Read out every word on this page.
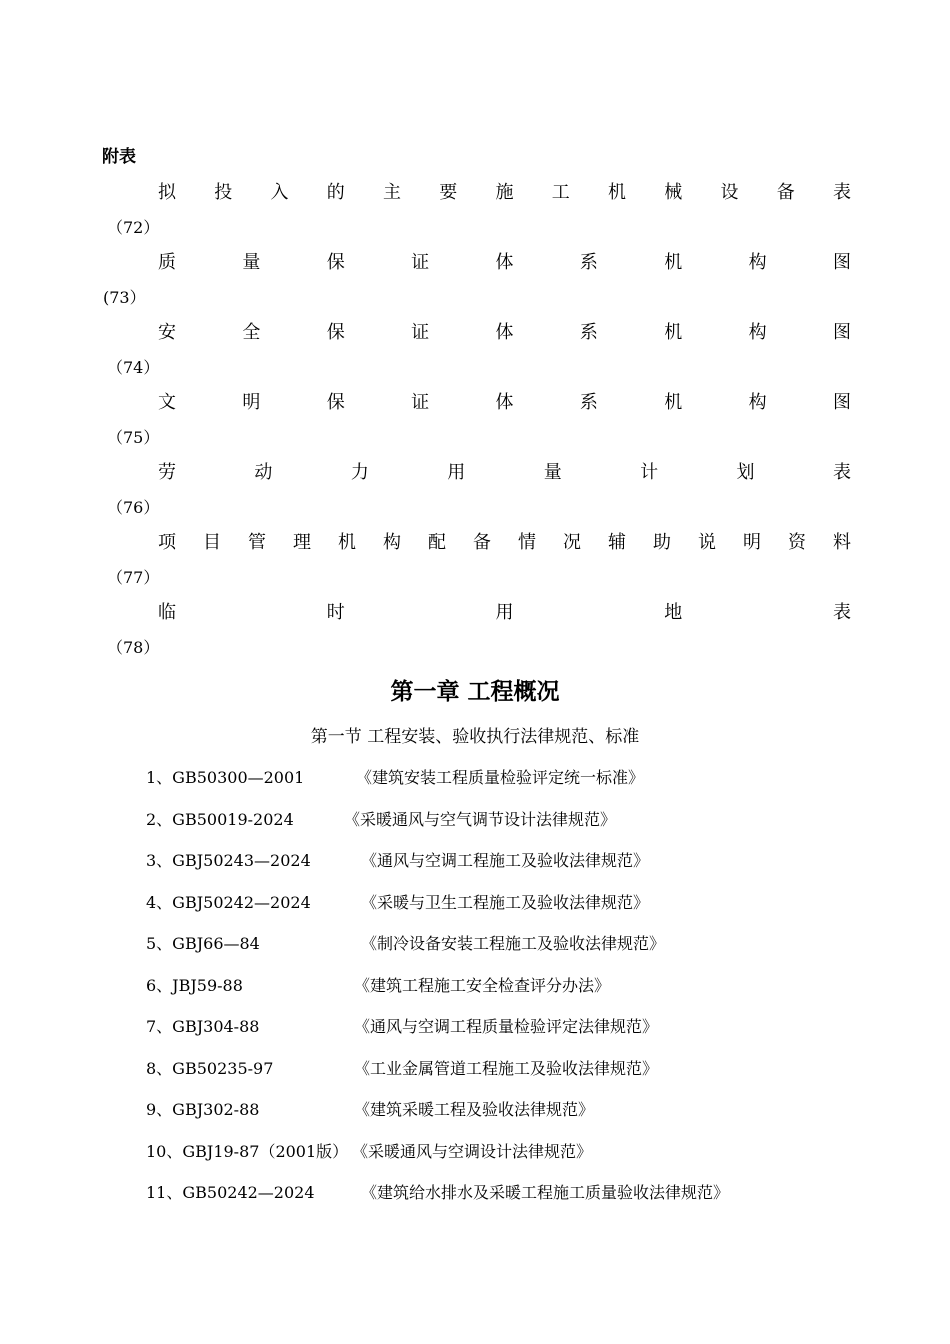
附表
拟 投 入 的 主 要 施 工 机 械 设 备 表
（72）
质	量	保	证	体	系	机	构	图
(73）
安	全	保	证	体	系	机	构	图
（74）
文	明	保	证	体	系	机	构	图
（75）
劳	动	力	用	量	计	划	表
（76）
项 目 管 理 机 构 配 备 情 况 辅 助 说 明 资 料
（77）
临	时	用	地	表
（78）
第一章 工程概况
第一节 工程安装、验收执行法律规范、标准
1、GB50300—2001	《建筑安装工程质量检验评定统一标准》
2、GB50019-2024	《采暖通风与空气调节设计法律规范》
3、GBJ50243—2024	《通风与空调工程施工及验收法律规范》
4、GBJ50242—2024	《采暖与卫生工程施工及验收法律规范》
5、GBJ66—84	《制冷设备安装工程施工及验收法律规范》
6、JBJ59-88	《建筑工程施工安全检查评分办法》
7、GBJ304-88	《通风与空调工程质量检验评定法律规范》
8、GB50235-97	《工业金属管道工程施工及验收法律规范》
9、GBJ302-88	《建筑采暖工程及验收法律规范》
10、GBJ19-87（2001版） 《采暖通风与空调设计法律规范》
11、GB50242—2024	《建筑给水排水及采暖工程施工质量验收法律规范》
